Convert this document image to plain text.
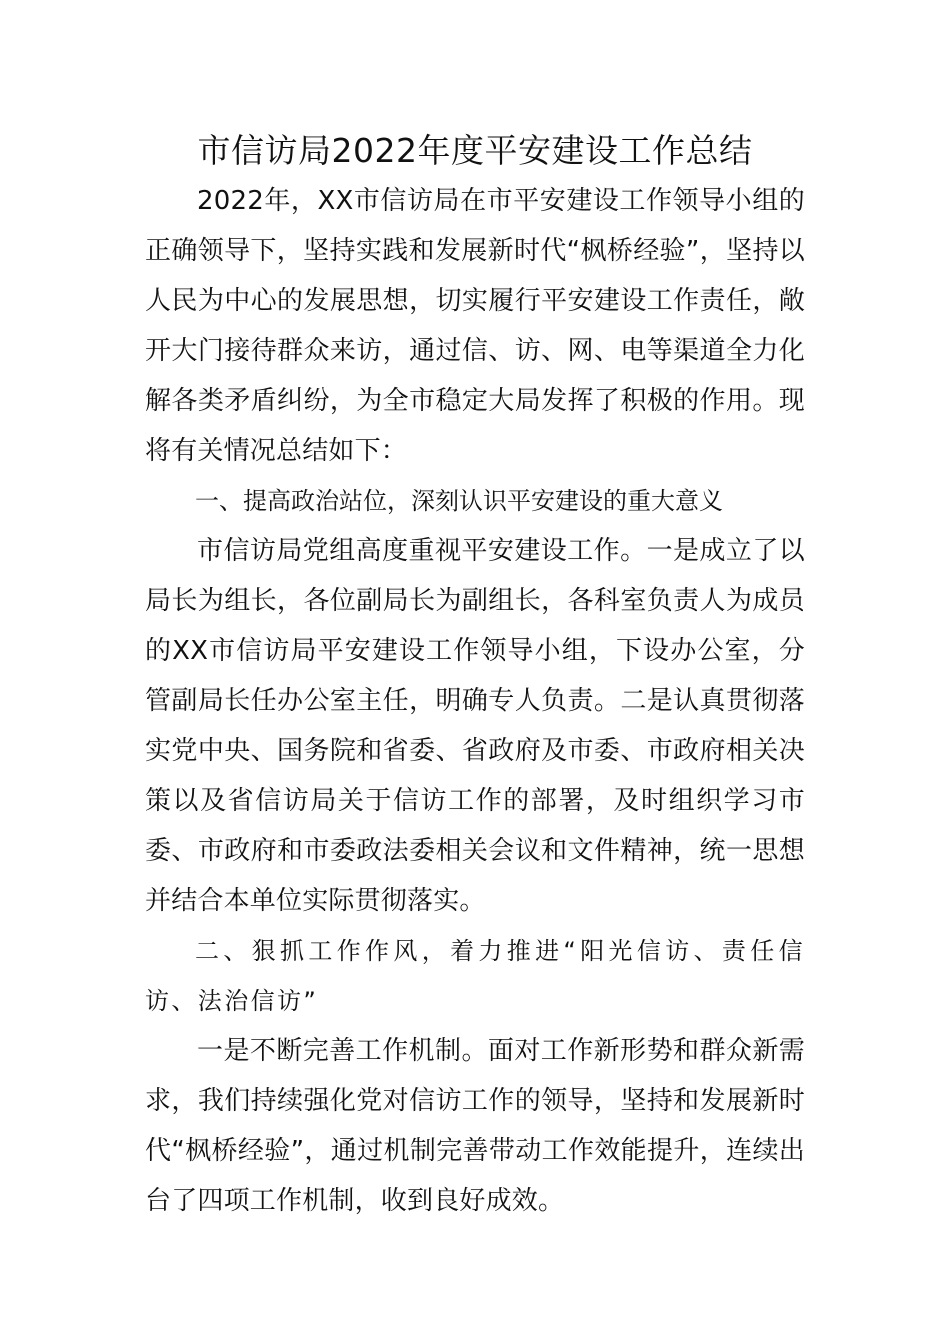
市信访局2022年度平安建设工作总结

2022年，XX市信访局在市平安建设工作领导小组的正确领导下，坚持实践和发展新时代“枫桥经验”，坚持以人民为中心的发展思想，切实履行平安建设工作责任，敞开大门接待群众来访，通过信、访、网、电等渠道全力化解各类矛盾纠纷，为全市稳定大局发挥了积极的作用。现将有关情况总结如下：

一、提高政治站位，深刻认识平安建设的重大意义

市信访局党组高度重视平安建设工作。一是成立了以局长为组长，各位副局长为副组长，各科室负责人为成员的XX市信访局平安建设工作领导小组，下设办公室，分管副局长任办公室主任，明确专人负责。二是认真贯彻落实党中央、国务院和省委、省政府及市委、市政府相关决策以及省信访局关于信访工作的部署，及时组织学习市委、市政府和市委政法委相关会议和文件精神，统一思想并结合本单位实际贯彻落实。

二、狠抓工作作风，着力推进“阳光信访、责任信访、法治信访”

一是不断完善工作机制。面对工作新形势和群众新需求，我们持续强化党对信访工作的领导，坚持和发展新时代“枫桥经验”，通过机制完善带动工作效能提升，连续出台了四项工作机制，收到良好成效。
